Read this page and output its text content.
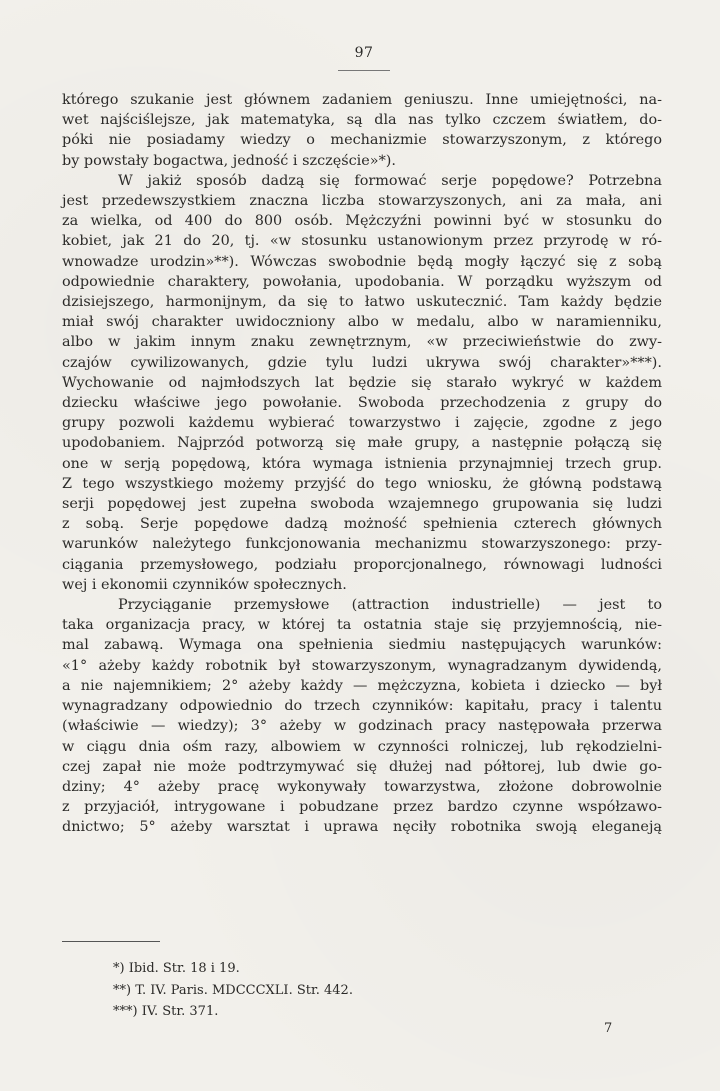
97
którego szukanie jest głównem zadaniem geniuszu. Inne umiejętności, na-
wet najściślejsze, jak matematyka, są dla nas tylko czczem światłem, do-
póki nie posiadamy wiedzy o mechanizmie stowarzyszonym, z którego
by powstały bogactwa, jedność i szczęście»*).
W jakiż sposób dadzą się formować serje popędowe? Potrzebna
jest przedewszystkiem znaczna liczba stowarzyszonych, ani za mała, ani
za wielka, od 400 do 800 osób. Mężczyźni powinni być w stosunku do
kobiet, jak 21 do 20, tj. «w stosunku ustanowionym przez przyrodę w ró-
wnowadze urodzin»**). Wówczas swobodnie będą mogły łączyć się z sobą
odpowiednie charaktery, powołania, upodobania. W porządku wyższym od
dzisiejszego, harmonijnym, da się to łatwo uskutecznić. Tam każdy będzie
miał swój charakter uwidoczniony albo w medalu, albo w naramienniku,
albo w jakim innym znaku zewnętrznym, «w przeciwieństwie do zwy-
czajów cywilizowanych, gdzie tylu ludzi ukrywa swój charakter»***).
Wychowanie od najmłodszych lat będzie się starało wykryć w każdem
dziecku właściwe jego powołanie. Swoboda przechodzenia z grupy do
grupy pozwoli każdemu wybierać towarzystwo i zajęcie, zgodne z jego
upodobaniem. Najprzód potworzą się małe grupy, a następnie połączą się
one w serją popędową, która wymaga istnienia przynajmniej trzech grup.
Z tego wszystkiego możemy przyjść do tego wniosku, że główną podstawą
serji popędowej jest zupełna swoboda wzajemnego grupowania się ludzi
z sobą. Serje popędowe dadzą możność spełnienia czterech głównych
warunków należytego funkcjonowania mechanizmu stowarzyszonego: przy-
ciągania przemysłowego, podziału proporcjonalnego, równowagi ludności
wej i ekonomii czynników społecznych.
Przyciąganie przemysłowe (attraction industrielle) — jest to
taka organizacja pracy, w której ta ostatnia staje się przyjemnością, nie-
mal zabawą. Wymaga ona spełnienia siedmiu następujących warunków:
«1° ażeby każdy robotnik był stowarzyszonym, wynagradzanym dywidendą,
a nie najemnikiem; 2° ażeby każdy — mężczyzna, kobieta i dziecko — był
wynagradzany odpowiednio do trzech czynników: kapitału, pracy i talentu
(właściwie — wiedzy); 3° ażeby w godzinach pracy następowała przerwa
w ciągu dnia ośm razy, albowiem w czynności rolniczej, lub rękodzielni-
czej zapał nie może podtrzymywać się dłużej nad półtorej, lub dwie go-
dziny; 4° ażeby pracę wykonywały towarzystwa, złożone dobrowolnie
z przyjaciół, intrygowane i pobudzane przez bardzo czynne współzawo-
dnictwo; 5° ażeby warsztat i uprawa nęciły robotnika swoją eleganeją
*) Ibid. Str. 18 i 19.
**) T. IV. Paris. MDCCCXLI. Str. 442.
***) IV. Str. 371.
7
